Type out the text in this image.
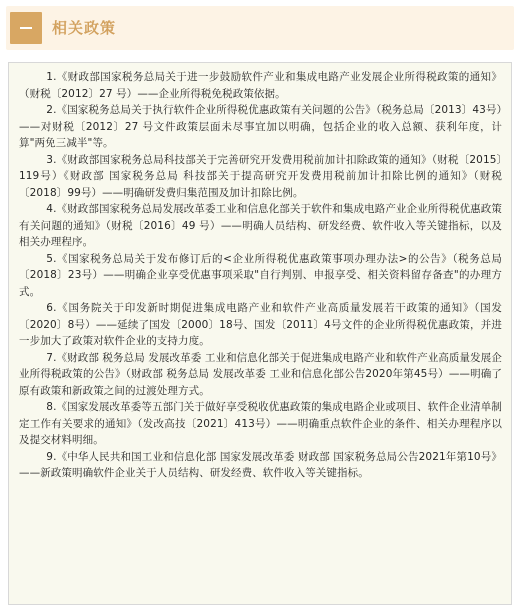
相关政策
1.《财政部国家税务总局关于进一步鼓励软件产业和集成电路产业发展企业所得税政策的通知》（财税〔2012〕27 号）——企业所得税免税政策依据。
2.《国家税务总局关于执行软件企业所得税优惠政策有关问题的公告》（税务总局〔2013〕43号）——对财税〔2012〕27 号文件政策层面未尽事宜加以明确，包括企业的收入总额、获利年度，计算"两免三减半"等。
3.《财政部国家税务总局科技部关于完善研究开发费用税前加计扣除政策的通知》（财税〔2015〕119号）《财政部 国家税务总局 科技部关于提高研究开发费用税前加计扣除比例的通知》（财税〔2018〕99号）——明确研发费归集范围及加计扣除比例。
4.《财政部国家税务总局发展改革委工业和信息化部关于软件和集成电路产业企业所得税优惠政策有关问题的通知》（财税〔2016〕49 号）——明确人员结构、研发经费、软件收入等关键指标，以及相关办理程序。
5.《国家税务总局关于发布修订后的<企业所得税优惠政策事项办理办法>的公告》（税务总局〔2018〕23号）——明确企业享受优惠事项采取"自行判别、申报享受、相关资料留存备查"的办理方式。
6.《国务院关于印发新时期促进集成电路产业和软件产业高质量发展若干政策的通知》（国发〔2020〕8号）——延续了国发〔2000〕18号、国发〔2011〕4号文件的企业所得税优惠政策，并进一步加大了政策对软件企业的支持力度。
7.《财政部 税务总局 发展改革委 工业和信息化部关于促进集成电路产业和软件产业高质量发展企业所得税政策的公告》（财政部 税务总局 发展改革委 工业和信息化部公告2020年第45号）——明确了原有政策和新政策之间的过渡处理方式。
8.《国家发展改革委等五部门关于做好享受税收优惠政策的集成电路企业或项目、软件企业清单制定工作有关要求的通知》（发改高技〔2021〕413号）——明确重点软件企业的条件、相关办理程序以及提交材料明细。
9.《中华人民共和国工业和信息化部 国家发展改革委 财政部 国家税务总局公告2021年第10号》——新政策明确软件企业关于人员结构、研发经费、软件收入等关键指标。
